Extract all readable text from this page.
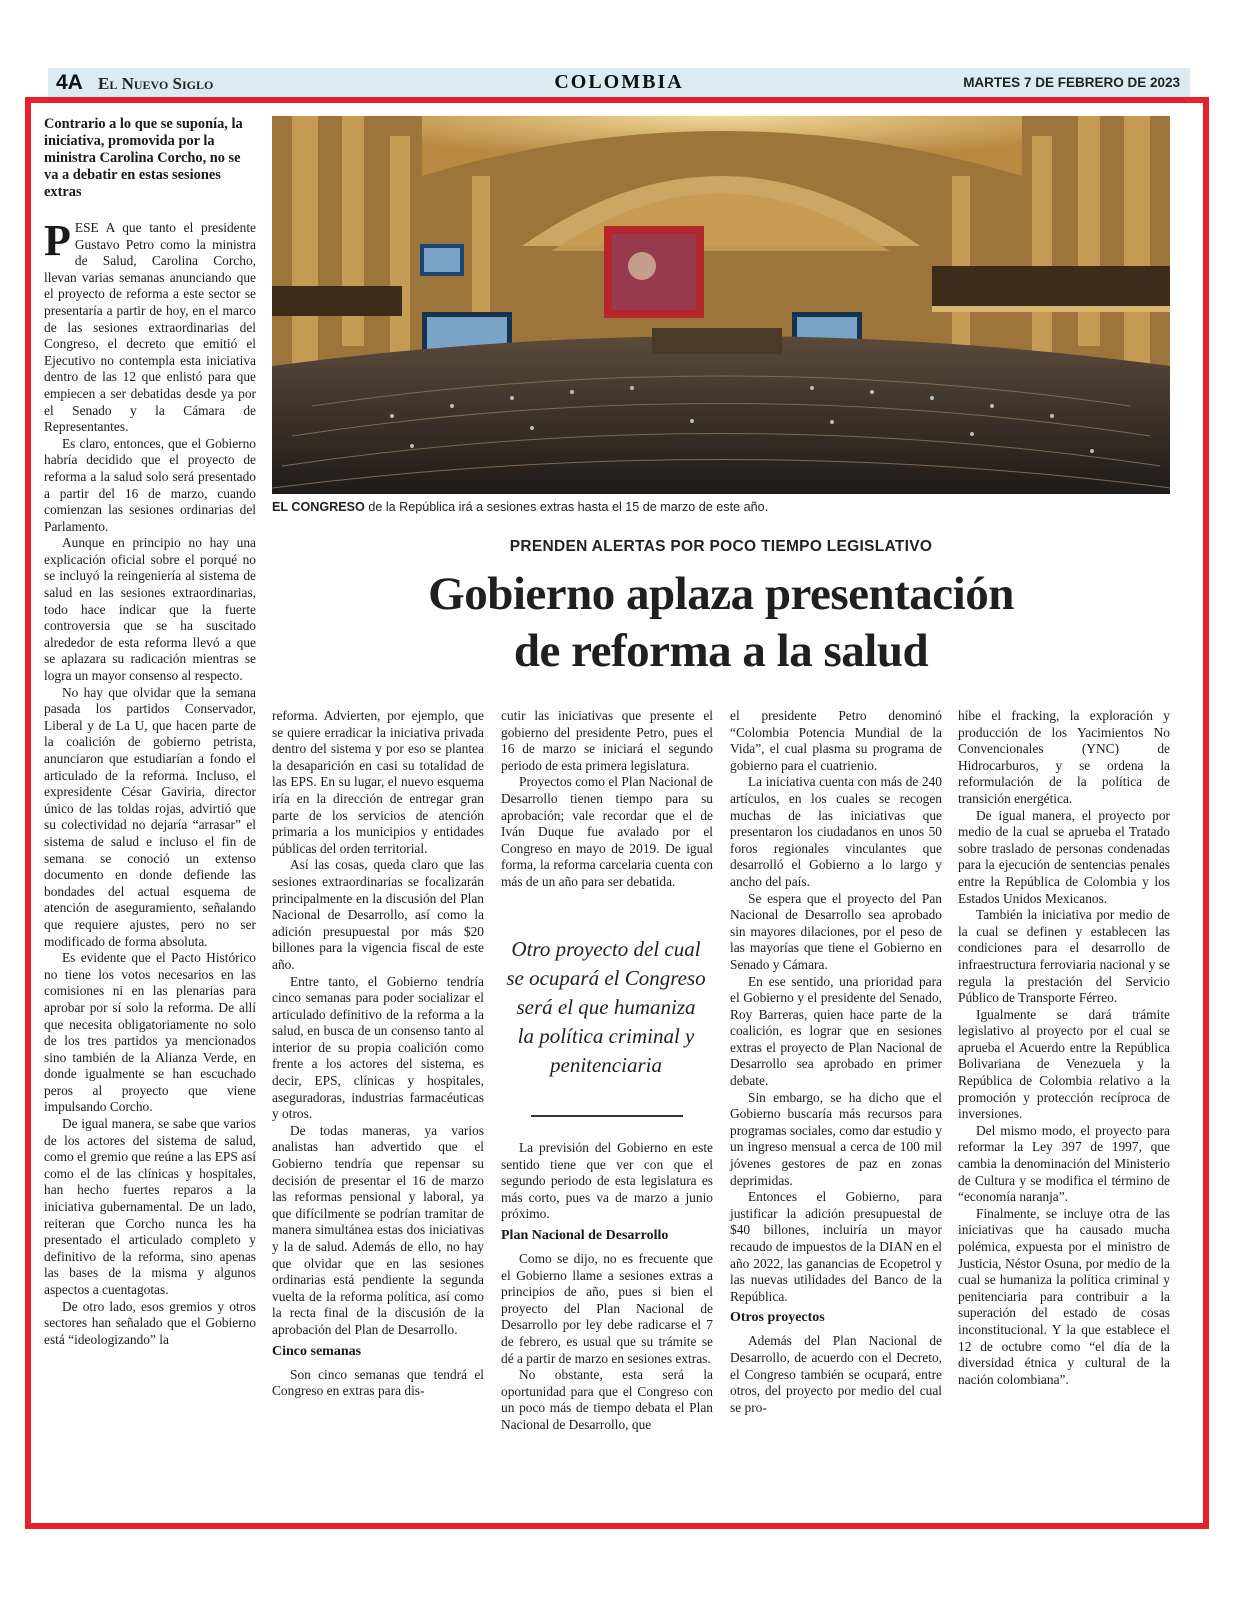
4A El Nuevo Siglo	COLOMBIA	MARTES 7 DE FEBRERO DE 2023
Contrario a lo que se suponía, la iniciativa, promovida por la ministra Carolina Corcho, no se va a debatir en estas sesiones extras
EL CONGRESO de la República irá a sesiones extras hasta el 15 de marzo de este año.
PRENDEN ALERTAS POR POCO TIEMPO LEGISLATIVO
Gobierno aplaza presentación
de reforma a la salud

PESE A que tanto el presidente Gustavo Petro como la ministra de Salud, Carolina Corcho, llevan varias semanas anunciando que el proyecto de reforma a este sector se presentaría a partir de hoy, en el marco de las sesiones extraordinarias del Congreso, el decreto que emitió el Ejecutivo no contempla esta iniciativa dentro de las 12 que enlistó para que empiecen a ser debatidas desde ya por el Senado y la Cámara de Representantes.

Es claro, entonces, que el Gobierno habría decidido que el proyecto de reforma a la salud solo será presentado a partir del 16 de marzo, cuando comienzan las sesiones ordinarias del Parlamento.

Aunque en principio no hay una explicación oficial sobre el porqué no se incluyó la reingeniería al sistema de salud en las sesiones extraordinarias, todo hace indicar que la fuerte controversia que se ha suscitado alrededor de esta reforma llevó a que se aplazara su radicación mientras se logra un mayor consenso al respecto.

No hay que olvidar que la semana pasada los partidos Conservador, Liberal y de La U, que hacen parte de la coalición de gobierno petrista, anunciaron que estudiarían a fondo el articulado de la reforma. Incluso, el expresidente César Gaviria, director único de las toldas rojas, advirtió que su colectividad no dejaría “arrasar” el sistema de salud e incluso el fin de semana se conoció un extenso documento en donde defiende las bondades del actual esquema de atención de aseguramiento, señalando que requiere ajustes, pero no ser modificado de forma absoluta.

Es evidente que el Pacto Histórico no tiene los votos necesarios en las comisiones ni en las plenarias para aprobar por sí solo la reforma. De allí que necesita obligatoriamente no solo de los tres partidos ya mencionados sino también de la Alianza Verde, en donde igualmente se han escuchado peros al proyecto que viene impulsando Corcho.

De igual manera, se sabe que varios de los actores del sistema de salud, como el gremio que reúne a las EPS así como el de las clínicas y hospitales, han hecho fuertes reparos a la iniciativa gubernamental. De un lado, reiteran que Corcho nunca les ha presentado el articulado completo y definitivo de la reforma, sino apenas las bases de la misma y algunos aspectos a cuentagotas.

De otro lado, esos gremios y otros sectores han señalado que el Gobierno está “ideologizando” la

reforma. Advierten, por ejemplo, que se quiere erradicar la iniciativa privada dentro del sistema y por eso se plantea la desaparición en casi su totalidad de las EPS. En su lugar, el nuevo esquema iría en la dirección de entregar gran parte de los servicios de atención primaria a los municipios y entidades públicas del orden territorial.

Así las cosas, queda claro que las sesiones extraordinarias se focalizarán principalmente en la discusión del Plan Nacional de Desarrollo, así como la adición presupuestal por más $20 billones para la vigencia fiscal de este año.

Entre tanto, el Gobierno tendría cinco semanas para poder socializar el articulado definitivo de la reforma a la salud, en busca de un consenso tanto al interior de su propia coalición como frente a los actores del sistema, es decir, EPS, clínicas y hospitales, aseguradoras, industrias farmacéuticas y otros.

De todas maneras, ya varios analistas han advertido que el Gobierno tendría que repensar su decisión de presentar el 16 de marzo las reformas pensional y laboral, ya que difícilmente se podrían tramitar de manera simultánea estas dos iniciativas y la de salud. Además de ello, no hay que olvidar que en las sesiones ordinarias está pendiente la segunda vuelta de la reforma política, así como la recta final de la discusión de la aprobación del Plan de Desarrollo.

Cinco semanas

Son cinco semanas que tendrá el Congreso en extras para dis-

cutir las iniciativas que presente el gobierno del presidente Petro, pues el 16 de marzo se iniciará el segundo periodo de esta primera legislatura.

Proyectos como el Plan Nacional de Desarrollo tienen tiempo para su aprobación; vale recordar que el de Iván Duque fue avalado por el Congreso en mayo de 2019. De igual forma, la reforma carcelaria cuenta con más de un año para ser debatida.

Otro proyecto del cual se ocupará el Congreso será el que humaniza la política criminal y penitenciaria

La previsión del Gobierno en este sentido tiene que ver con que el segundo periodo de esta legislatura es más corto, pues va de marzo a junio próximo.

Plan Nacional de Desarrollo

Como se dijo, no es frecuente que el Gobierno llame a sesiones extras a principios de año, pues si bien el proyecto del Plan Nacional de Desarrollo por ley debe radicarse el 7 de febrero, es usual que su trámite se dé a partir de marzo en sesiones extras.

No obstante, esta será la oportunidad para que el Congreso con un poco más de tiempo debata el Plan Nacional de Desarrollo, que

el presidente Petro denominó “Colombia Potencia Mundial de la Vida”, el cual plasma su programa de gobierno para el cuatrienio.

La iniciativa cuenta con más de 240 artículos, en los cuales se recogen muchas de las iniciativas que presentaron los ciudadanos en unos 50 foros regionales vinculantes que desarrolló el Gobierno a lo largo y ancho del país.

Se espera que el proyecto del Pan Nacional de Desarrollo sea aprobado sin mayores dilaciones, por el peso de las mayorías que tiene el Gobierno en Senado y Cámara.

En ese sentido, una prioridad para el Gobierno y el presidente del Senado, Roy Barreras, quien hace parte de la coalición, es lograr que en sesiones extras el proyecto de Plan Nacional de Desarrollo sea aprobado en primer debate.

Sin embargo, se ha dicho que el Gobierno buscaría más recursos para programas sociales, como dar estudio y un ingreso mensual a cerca de 100 mil jóvenes gestores de paz en zonas deprimidas.

Entonces el Gobierno, para justificar la adición presupuestal de $40 billones, incluiría un mayor recaudo de impuestos de la DIAN en el año 2022, las ganancias de Ecopetrol y las nuevas utilidades del Banco de la República.

Otros proyectos

Además del Plan Nacional de Desarrollo, de acuerdo con el Decreto, el Congreso también se ocupará, entre otros, del proyecto por medio del cual se pro-

híbe el fracking, la exploración y producción de los Yacimientos No Convencionales (YNC) de Hidrocarburos, y se ordena la reformulación de la política de transición energética.

De igual manera, el proyecto por medio de la cual se aprueba el Tratado sobre traslado de personas condenadas para la ejecución de sentencias penales entre la República de Colombia y los Estados Unidos Mexicanos.

También la iniciativa por medio de la cual se definen y establecen las condiciones para el desarrollo de infraestructura ferroviaria nacional y se regula la prestación del Servicio Público de Transporte Férreo.

Igualmente se dará trámite legislativo al proyecto por el cual se aprueba el Acuerdo entre la República Bolivariana de Venezuela y la República de Colombia relativo a la promoción y protección recíproca de inversiones.

Del mismo modo, el proyecto para reformar la Ley 397 de 1997, que cambia la denominación del Ministerio de Cultura y se modifica el término de “economía naranja”.

Finalmente, se incluye otra de las iniciativas que ha causado mucha polémica, expuesta por el ministro de Justicia, Néstor Osuna, por medio de la cual se humaniza la política criminal y penitenciaria para contribuir a la superación del estado de cosas inconstitucional. Y la que establece el 12 de octubre como “el día de la diversidad étnica y cultural de la nación colombiana”.
